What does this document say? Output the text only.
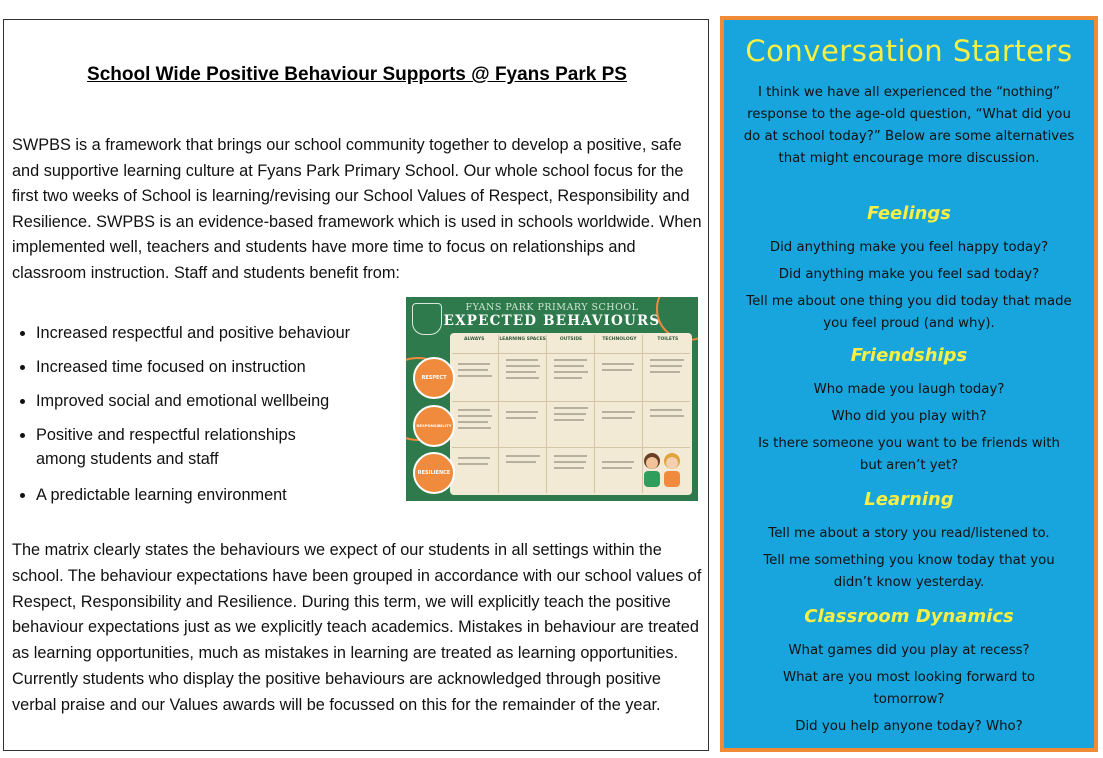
School Wide Positive Behaviour Supports @ Fyans Park PS

SWPBS is a framework that brings our school community together to develop a positive, safe and supportive learning culture at Fyans Park Primary School. Our whole school focus for the first two weeks of School is learning/revising our School Values of Respect, Responsibility and Resilience. SWPBS is an evidence-based framework which is used in schools worldwide. When implemented well, teachers and students have more time to focus on relationships and classroom instruction. Staff and students benefit from:

• Increased respectful and positive behaviour
• Increased time focused on instruction
• Improved social and emotional wellbeing
• Positive and respectful relationships among students and staff
• A predictable learning environment

The matrix clearly states the behaviours we expect of our students in all settings within the school. The behaviour expectations have been grouped in accordance with our school values of Respect, Responsibility and Resilience. During this term, we will explicitly teach the positive behaviour expectations just as we explicitly teach academics. Mistakes in behaviour are treated as learning opportunities, much as mistakes in learning are treated as learning opportunities. Currently students who display the positive behaviours are acknowledged through positive verbal praise and our Values awards will be focussed on this for the remainder of the year.

FYANS PARK PRIMARY SCHOOL
EXPECTED BEHAVIOURS
ALWAYS	LEARNING SPACES	OUTSIDE	TECHNOLOGY	TOILETS
RESPECT
RESPONSIBILITY
RESILIENCE
Conversation Starters

I think we have all experienced the “nothing” response to the age-old question, “What did you do at school today?” Below are some alternatives that might encourage more discussion.

Feelings

Did anything make you feel happy today?

Did anything make you feel sad today?

Tell me about one thing you did today that made you feel proud (and why).

Friendships

Who made you laugh today?

Who did you play with?

Is there someone you want to be friends with but aren’t yet?

Learning

Tell me about a story you read/listened to.

Tell me something you know today that you didn’t know yesterday.

Classroom Dynamics

What games did you play at recess?

What are you most looking forward to tomorrow?

Did you help anyone today? Who?
